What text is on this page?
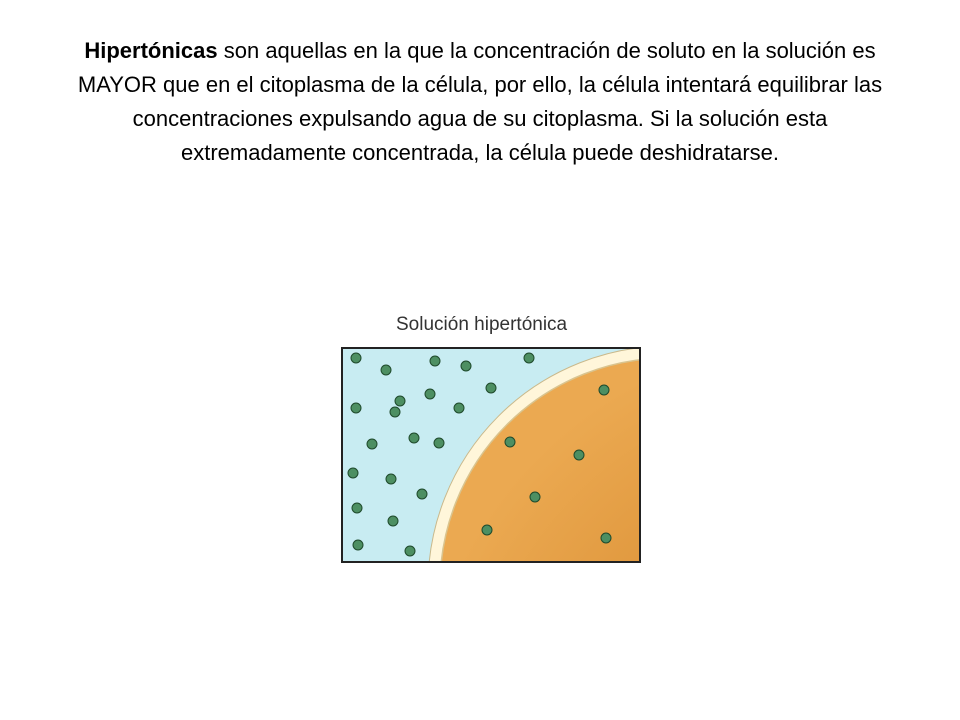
Hipertónicas son aquellas en la que la concentración de soluto en la solución es MAYOR que en el citoplasma de la célula, por ello, la célula intentará equilibrar las concentraciones expulsando agua de su citoplasma. Si la solución esta extremadamente concentrada, la célula puede deshidratarse.
Solución hipertónica
